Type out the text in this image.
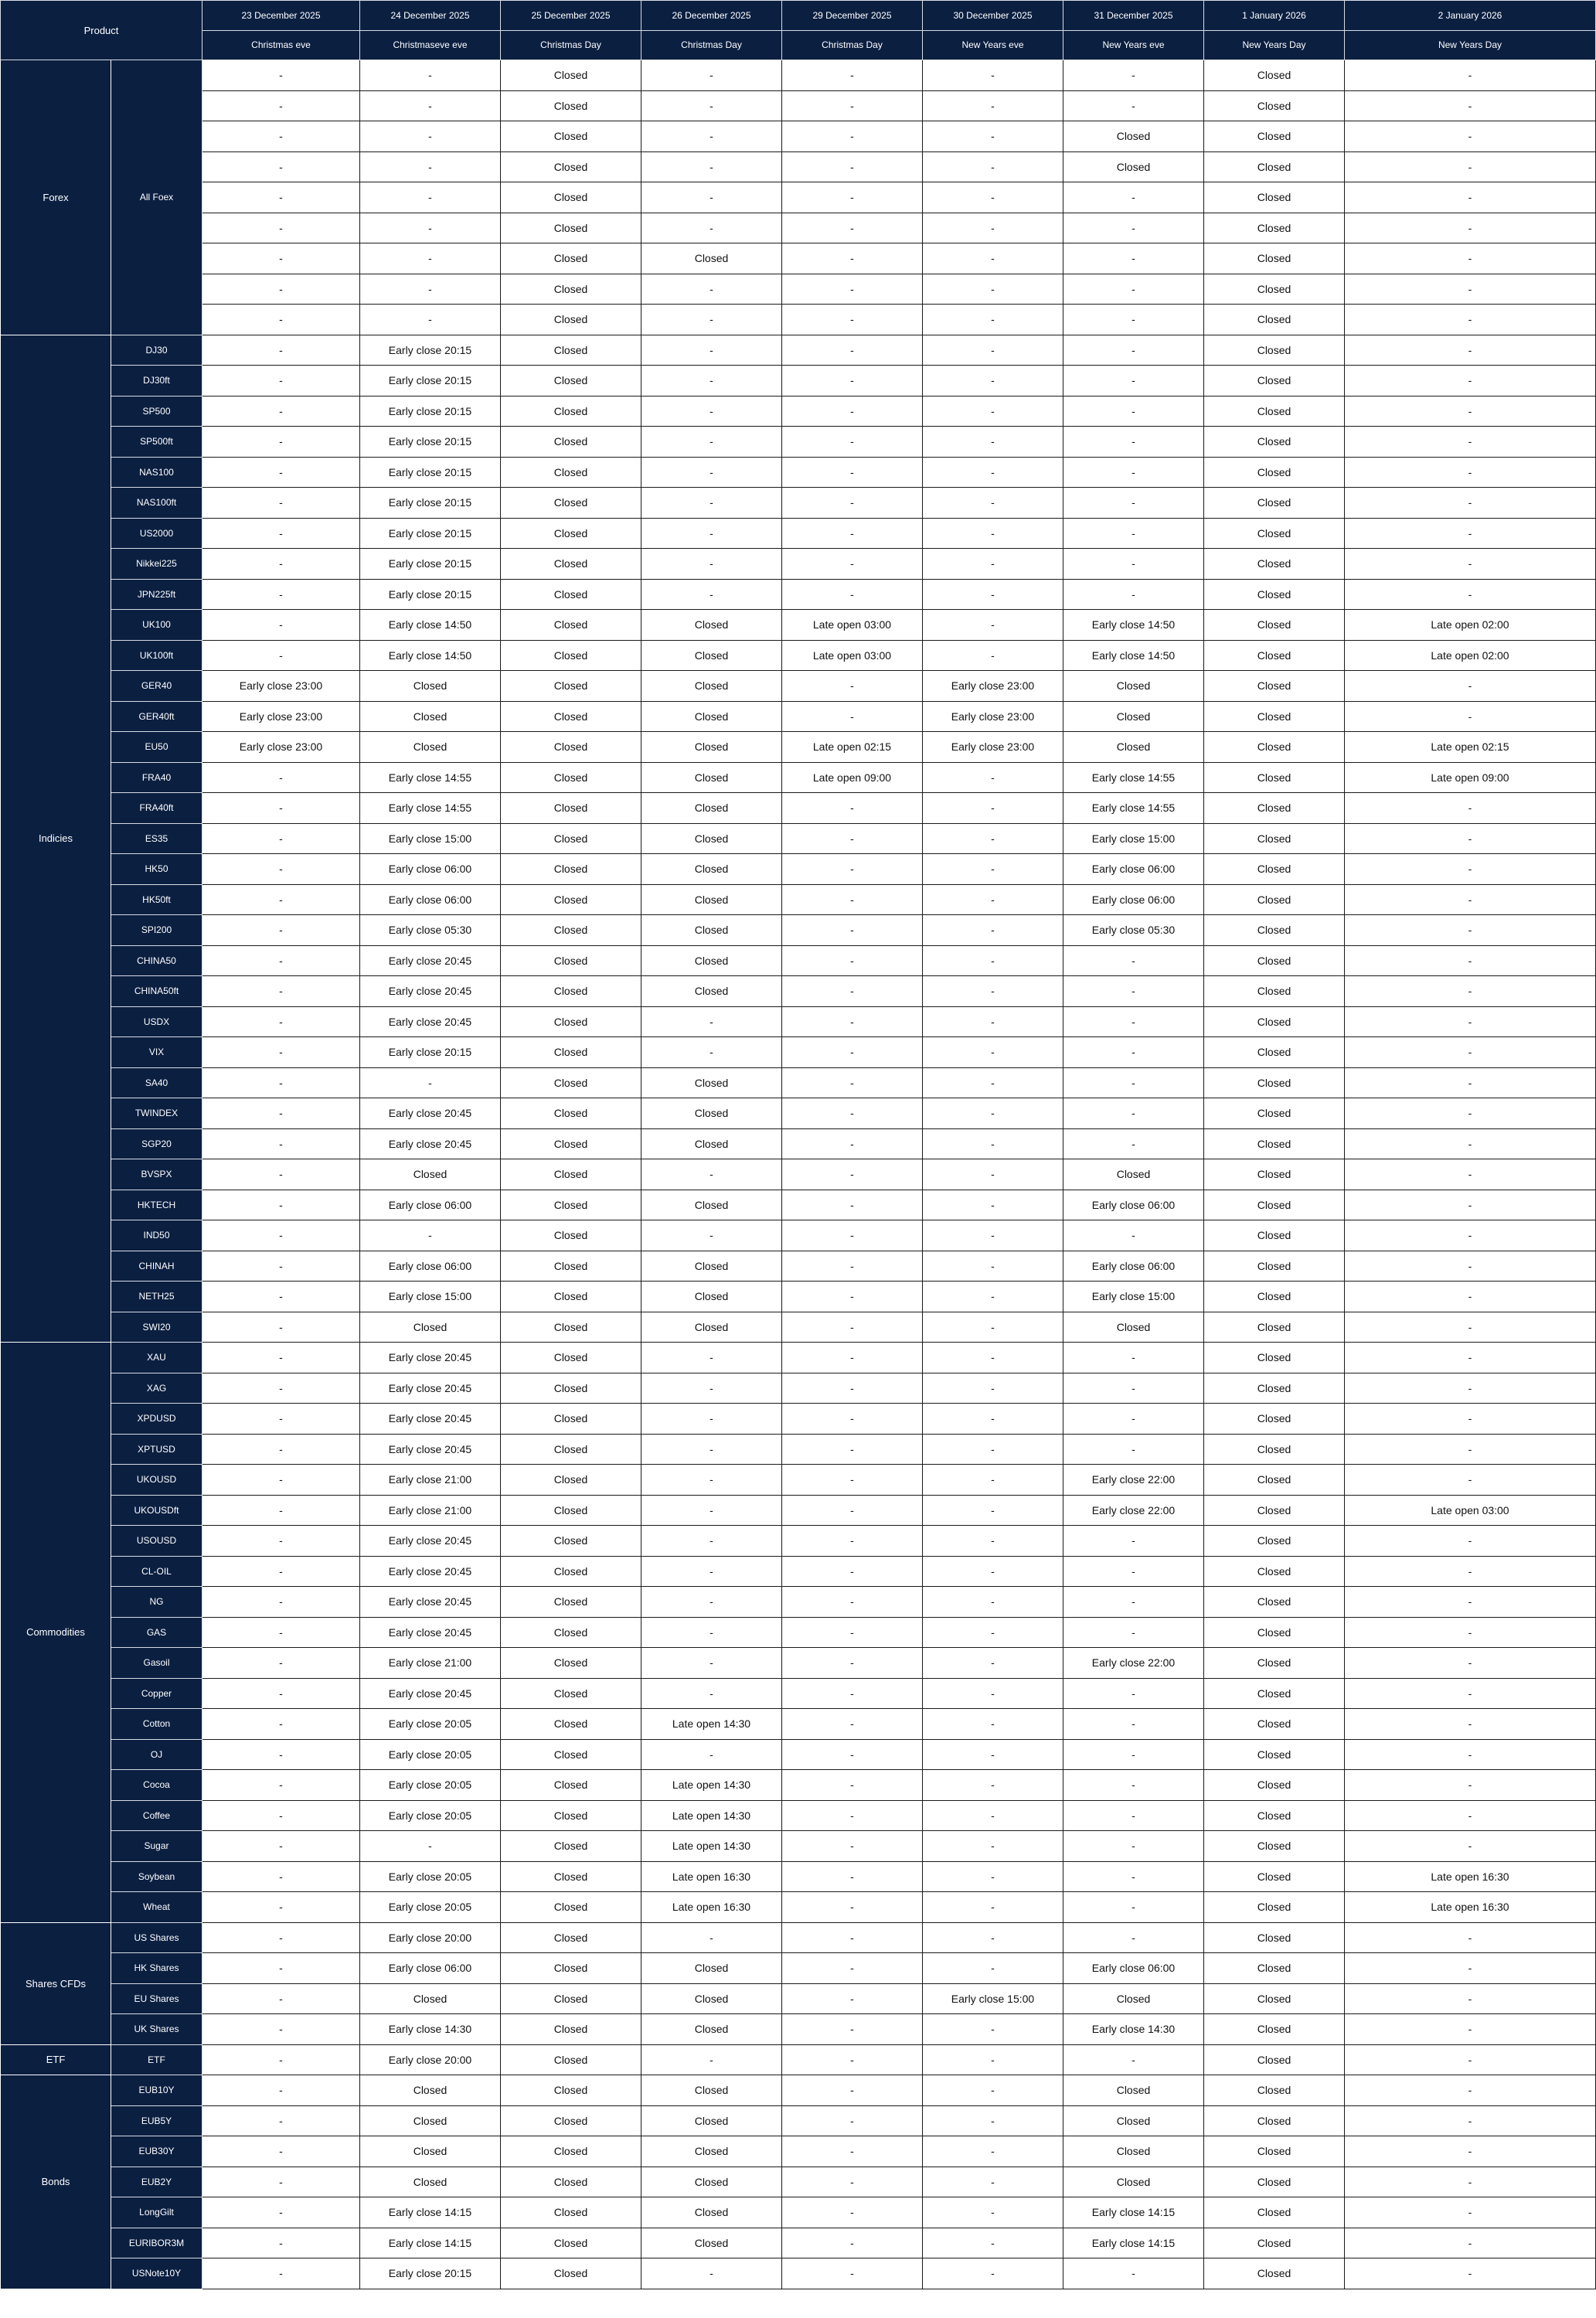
Product		23 December 2025	24 December 2025	25 December 2025	26 December 2025	29 December 2025	30 December 2025	31 December 2025	1 January 2026	2 January 2026
		Christmas eve	Christmaseve eve	Christmas Day	Christmas Day	Christmas Day	New Years eve	New Years eve	New Years Day	New Years Day
Forex	All Foex	-	-	Closed	-	-	-	-	Closed	-
		-	-	Closed	-	-	-	-	Closed	-
		-	-	Closed	-	-	-	Closed	Closed	-
		-	-	Closed	-	-	-	Closed	Closed	-
		-	-	Closed	-	-	-	-	Closed	-
		-	-	Closed	-	-	-	-	Closed	-
		-	-	Closed	Closed	-	-	-	Closed	-
		-	-	Closed	-	-	-	-	Closed	-
		-	-	Closed	-	-	-	-	Closed	-
Indicies	DJ30	-	Early close 20:15	Closed	-	-	-	-	Closed	-
	DJ30ft	-	Early close 20:15	Closed	-	-	-	-	Closed	-
	SP500	-	Early close 20:15	Closed	-	-	-	-	Closed	-
	SP500ft	-	Early close 20:15	Closed	-	-	-	-	Closed	-
	NAS100	-	Early close 20:15	Closed	-	-	-	-	Closed	-
	NAS100ft	-	Early close 20:15	Closed	-	-	-	-	Closed	-
	US2000	-	Early close 20:15	Closed	-	-	-	-	Closed	-
	Nikkei225	-	Early close 20:15	Closed	-	-	-	-	Closed	-
	JPN225ft	-	Early close 20:15	Closed	-	-	-	-	Closed	-
	UK100	-	Early close 14:50	Closed	Closed	Late open 03:00	-	Early close 14:50	Closed	Late open 02:00
	UK100ft	-	Early close 14:50	Closed	Closed	Late open 03:00	-	Early close 14:50	Closed	Late open 02:00
	GER40	Early close 23:00	Closed	Closed	Closed	-	Early close 23:00	Closed	Closed	-
	GER40ft	Early close 23:00	Closed	Closed	Closed	-	Early close 23:00	Closed	Closed	-
	EU50	Early close 23:00	Closed	Closed	Closed	Late open 02:15	Early close 23:00	Closed	Closed	Late open 02:15
	FRA40	-	Early close 14:55	Closed	Closed	Late open 09:00	-	Early close 14:55	Closed	Late open 09:00
	FRA40ft	-	Early close 14:55	Closed	Closed	-	-	Early close 14:55	Closed	-
	ES35	-	Early close 15:00	Closed	Closed	-	-	Early close 15:00	Closed	-
	HK50	-	Early close 06:00	Closed	Closed	-	-	Early close 06:00	Closed	-
	HK50ft	-	Early close 06:00	Closed	Closed	-	-	Early close 06:00	Closed	-
	SPI200	-	Early close 05:30	Closed	Closed	-	-	Early close 05:30	Closed	-
	CHINA50	-	Early close 20:45	Closed	Closed	-	-	-	Closed	-
	CHINA50ft	-	Early close 20:45	Closed	Closed	-	-	-	Closed	-
	USDX	-	Early close 20:45	Closed	-	-	-	-	Closed	-
	VIX	-	Early close 20:15	Closed	-	-	-	-	Closed	-
	SA40	-	-	Closed	Closed	-	-	-	Closed	-
	TWINDEX	-	Early close 20:45	Closed	Closed	-	-	-	Closed	-
	SGP20	-	Early close 20:45	Closed	Closed	-	-	-	Closed	-
	BVSPX	-	Closed	Closed	-	-	-	Closed	Closed	-
	HKTECH	-	Early close 06:00	Closed	Closed	-	-	Early close 06:00	Closed	-
	IND50	-	-	Closed	-	-	-	-	Closed	-
	CHINAH	-	Early close 06:00	Closed	Closed	-	-	Early close 06:00	Closed	-
	NETH25	-	Early close 15:00	Closed	Closed	-	-	Early close 15:00	Closed	-
	SWI20	-	Closed	Closed	Closed	-	-	Closed	Closed	-
Commodities	XAU	-	Early close 20:45	Closed	-	-	-	-	Closed	-
	XAG	-	Early close 20:45	Closed	-	-	-	-	Closed	-
	XPDUSD	-	Early close 20:45	Closed	-	-	-	-	Closed	-
	XPTUSD	-	Early close 20:45	Closed	-	-	-	-	Closed	-
	UKOUSD	-	Early close 21:00	Closed	-	-	-	Early close 22:00	Closed	-
	UKOUSDft	-	Early close 21:00	Closed	-	-	-	Early close 22:00	Closed	Late open 03:00
	USOUSD	-	Early close 20:45	Closed	-	-	-	-	Closed	-
	CL-OIL	-	Early close 20:45	Closed	-	-	-	-	Closed	-
	NG	-	Early close 20:45	Closed	-	-	-	-	Closed	-
	GAS	-	Early close 20:45	Closed	-	-	-	-	Closed	-
	Gasoil	-	Early close 21:00	Closed	-	-	-	Early close 22:00	Closed	-
	Copper	-	Early close 20:45	Closed	-	-	-	-	Closed	-
	Cotton	-	Early close 20:05	Closed	Late open 14:30	-	-	-	Closed	-
	OJ	-	Early close 20:05	Closed	-	-	-	-	Closed	-
	Cocoa	-	Early close 20:05	Closed	Late open 14:30	-	-	-	Closed	-
	Coffee	-	Early close 20:05	Closed	Late open 14:30	-	-	-	Closed	-
	Sugar	-	-	Closed	Late open 14:30	-	-	-	Closed	-
	Soybean	-	Early close 20:05	Closed	Late open 16:30	-	-	-	Closed	Late open 16:30
	Wheat	-	Early close 20:05	Closed	Late open 16:30	-	-	-	Closed	Late open 16:30
Shares CFDs	US Shares	-	Early close 20:00	Closed	-	-	-	-	Closed	-
	HK Shares	-	Early close 06:00	Closed	Closed	-	-	Early close 06:00	Closed	-
	EU Shares	-	Closed	Closed	Closed	-	Early close 15:00	Closed	Closed	-
	UK Shares	-	Early close 14:30	Closed	Closed	-	-	Early close 14:30	Closed	-
ETF	ETF	-	Early close 20:00	Closed	-	-	-	-	Closed	-
Bonds	EUB10Y	-	Closed	Closed	Closed	-	-	Closed	Closed	-
	EUB5Y	-	Closed	Closed	Closed	-	-	Closed	Closed	-
	EUB30Y	-	Closed	Closed	Closed	-	-	Closed	Closed	-
	EUB2Y	-	Closed	Closed	Closed	-	-	Closed	Closed	-
	LongGilt	-	Early close 14:15	Closed	Closed	-	-	Early close 14:15	Closed	-
	EURIBOR3M	-	Early close 14:15	Closed	Closed	-	-	Early close 14:15	Closed	-
	USNote10Y	-	Early close 20:15	Closed	-	-	-	-	Closed	-
